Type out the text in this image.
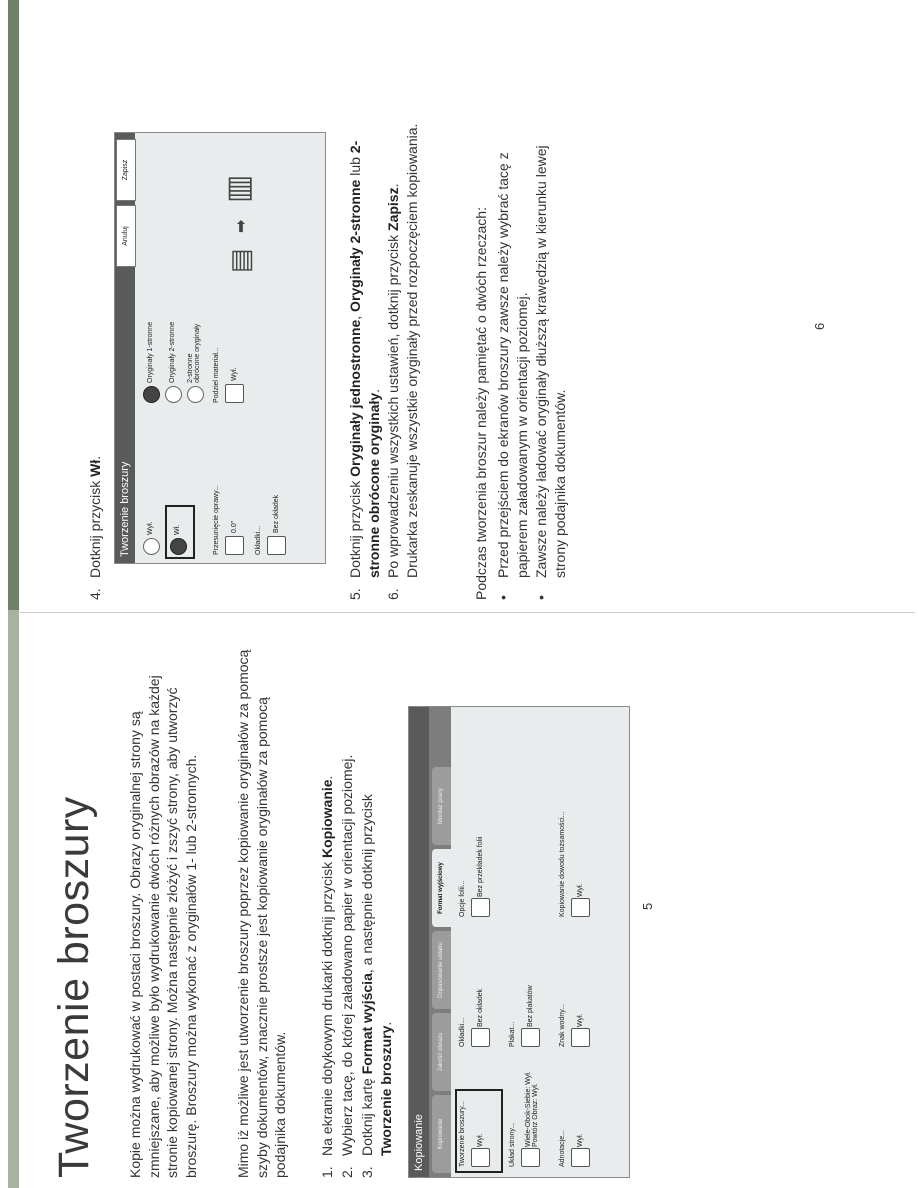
Tworzenie broszury Kopie można wydrukować w postaci broszury. Obrazy oryginalnej strony są zmniejszane, aby możliwe było wydrukowanie dwóch różnych obrazów na każdej stronie kopiowanej strony. Można następnie złożyć i zszyć strony, aby utworzyć broszurę. Broszury można wykonać z oryginałów 1- lub 2-stronnych.	Mimo iż możliwe jest utworzenie broszury poprzez kopiowanie oryginałów za pomocą szyby dokumentów, znacznie prostsze jest kopiowanie oryginałów za pomocą podajnika dokumentów. 1.
Na ekranie dotykowym drukarki dotknij przycisk Kopiowanie.
2.
Wybierz tacę, do której załadowano papier w orientacji poziomej.
3.
Dotknij kartę Format wyjścia, a następnie dotknij przycisk
Tworzenie broszury.
Kopiowanie	Kopiowanie
Jakość obrazu
Dopasowanie układu
Format wyjściowy
Montaż pracy
Tworzenie broszury... Wył.	Układ strony... Wiele-Obok-Siebie: Wył. Powtórz Obraz: Wył.
Adnotacje... Wył.
Okładki...
Bez okładek
Plakat...
Bez plakatów	Znak wodny... Wył.
Opcje folii...
Bez przekładek folii	Kopiowanie dowodu tożsamości... Wył.
5
4.
Dotknij przycisk Wł.
Tworzenie broszury
Anuluj
Zapisz
Wył.	Wł.
Oryginały 1-stronne Oryginały 2-stronne 2-stronne obrócone oryginały
Przesunięcie oprawy... 0.0"
Podziel materiał... Wył.
Okładki...
Bez okładek
▤
➡
▥
5.
Dotknij przycisk Oryginały jednostronne, Oryginały 2-stronne lub 2-stronne obrócone oryginały.
6.
Po wprowadzeniu wszystkich ustawień, dotknij przycisk Zapisz. Drukarka zeskanuje wszystkie oryginały przed rozpoczęciem kopiowania.	Podczas tworzenia broszur należy pamiętać o dwóch rzeczach: •
Przed przejściem do ekranów broszury zawsze należy wybrać tacę z papierem załadowanym w orientacji poziomej.
•
Zawsze należy ładować oryginały dłuższą krawędzią w kierunku lewej strony podajnika dokumentów.
6
